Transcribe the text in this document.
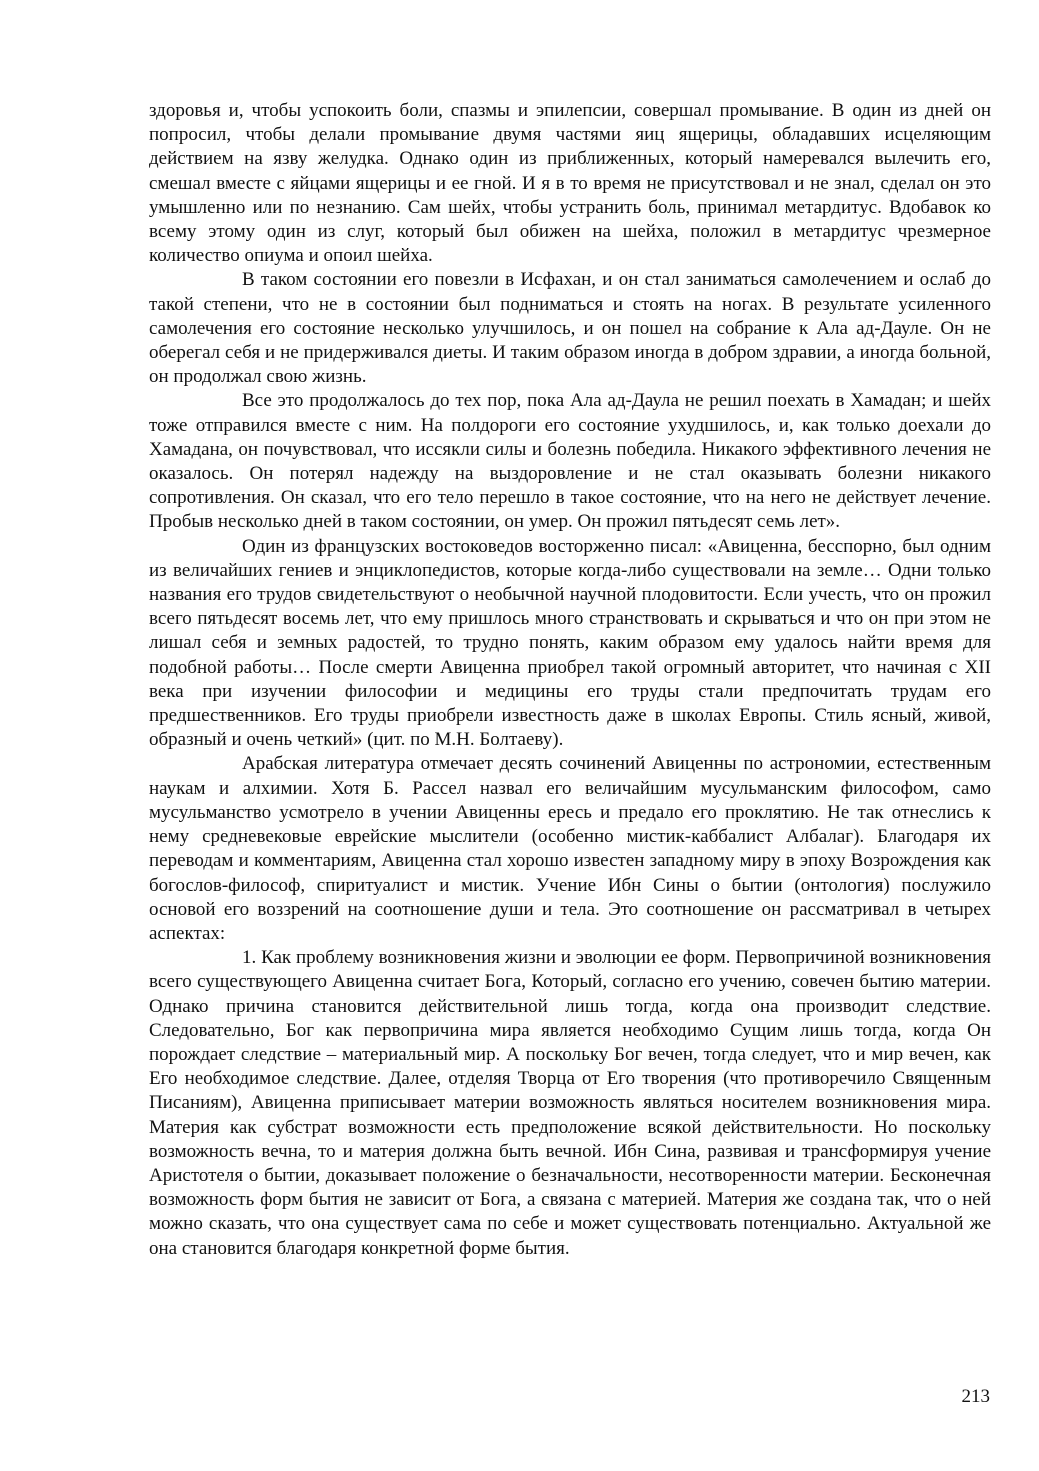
здоровья и, чтобы успокоить боли, спазмы и эпилепсии, совершал промывание. В один из дней он попросил, чтобы делали промывание двумя частями яиц ящерицы, обладавших исцеляющим действием на язву желудка. Однако один из приближенных, который намеревался вылечить его, смешал вместе с яйцами ящерицы и ее гной. И я в то время не присутствовал и не знал, сделал он это умышленно или по незнанию. Сам шейх, чтобы устранить боль, принимал метардитус. Вдобавок ко всему этому один из слуг, который был обижен на шейха, положил в метардитус чрезмерное количество опиума и опоил шейха.

В таком состоянии его повезли в Исфахан, и он стал заниматься самолечением и ослаб до такой степени, что не в состоянии был подниматься и стоять на ногах. В результате усиленного самолечения его состояние несколько улучшилось, и он пошел на собрание к Ала ад-Дауле. Он не оберегал себя и не придерживался диеты. И таким образом иногда в добром здравии, а иногда больной, он продолжал свою жизнь.

Все это продолжалось до тех пор, пока Ала ад-Даула не решил поехать в Хамадан; и шейх тоже отправился вместе с ним. На полдороги его состояние ухудшилось, и, как только доехали до Хамадана, он почувствовал, что иссякли силы и болезнь победила. Никакого эффективного лечения не оказалось. Он потерял надежду на выздоровление и не стал оказывать болезни никакого сопротивления. Он сказал, что его тело перешло в такое состояние, что на него не действует лечение. Пробыв несколько дней в таком состоянии, он умер. Он прожил пятьдесят семь лет».

Один из французских востоковедов восторженно писал: «Авиценна, бесспорно, был одним из величайших гениев и энциклопедистов, которые когда-либо существовали на земле… Одни только названия его трудов свидетельствуют о необычной научной плодовитости. Если учесть, что он прожил всего пятьдесят восемь лет, что ему пришлось много странствовать и скрываться и что он при этом не лишал себя и земных радостей, то трудно понять, каким образом ему удалось найти время для подобной работы… После смерти Авиценна приобрел такой огромный авторитет, что начиная с XII века при изучении философии и медицины его труды стали предпочитать трудам его предшественников. Его труды приобрели известность даже в школах Европы. Стиль ясный, живой, образный и очень четкий» (цит. по М.Н. Болтаеву).

Арабская литература отмечает десять сочинений Авиценны по астрономии, естественным наукам и алхимии. Хотя Б. Рассел назвал его величайшим мусульманским философом, само мусульманство усмотрело в учении Авиценны ересь и предало его проклятию. Не так отнеслись к нему средневековые еврейские мыслители (особенно мистик-каббалист Албалаг). Благодаря их переводам и комментариям, Авиценна стал хорошо известен западному миру в эпоху Возрождения как богослов-философ, спиритуалист и мистик. Учение Ибн Сины о бытии (онтология) послужило основой его воззрений на соотношение души и тела. Это соотношение он рассматривал в четырех аспектах:

1. Как проблему возникновения жизни и эволюции ее форм. Первопричиной возникновения всего существующего Авиценна считает Бога, Который, согласно его учению, совечен бытию материи. Однако причина становится действительной лишь тогда, когда она производит следствие. Следовательно, Бог как первопричина мира является необходимо Сущим лишь тогда, когда Он порождает следствие – материальный мир. А поскольку Бог вечен, тогда следует, что и мир вечен, как Его необходимое следствие. Далее, отделяя Творца от Его творения (что противоречило Священным Писаниям), Авиценна приписывает материи возможность являться носителем возникновения мира. Материя как субстрат возможности есть предположение всякой действительности. Но поскольку возможность вечна, то и материя должна быть вечной. Ибн Сина, развивая и трансформируя учение Аристотеля о бытии, доказывает положение о безначальности, несотворенности материи. Бесконечная возможность форм бытия не зависит от Бога, а связана с материей. Материя же создана так, что о ней можно сказать, что она существует сама по себе и может существовать потенциально. Актуальной же она становится благодаря конкретной форме бытия.

213
